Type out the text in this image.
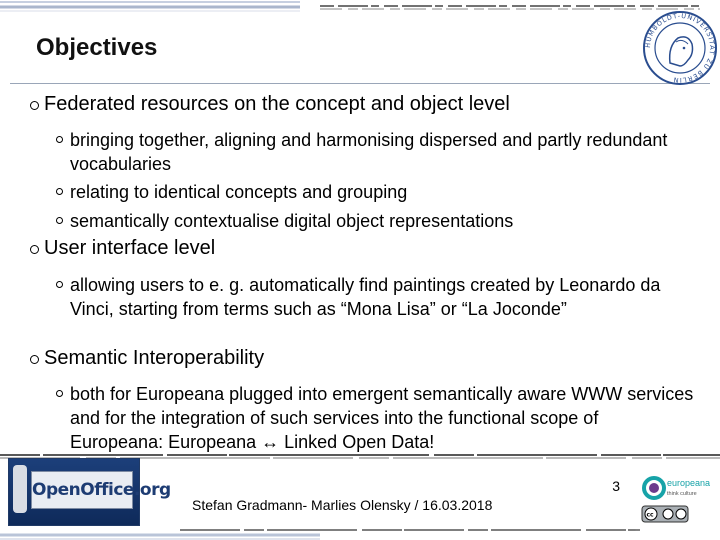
Objectives	HUMBOLDT-UNIVERSITÄT ZU BERLIN
Federated resources on the concept and object level
bringing together, aligning and harmonising dispersed and partly redundant vocabularies
relating to identical concepts and grouping
semantically contextualise digital object representations
User interface level
allowing users to e. g. automatically find paintings created by Leonardo da Vinci, starting from terms such as “Mona Lisa” or “La Joconde”
Semantic Interoperability
both for Europeana plugged into emergent semantically aware WWW services and for the integration of such services into the functional scope of Europeana: Europeana ↔ Linked Open Data!
OpenOffice.org	3
Stefan Gradmann- Marlies Olensky / 16.03.2018
europeana
think culture
cc
